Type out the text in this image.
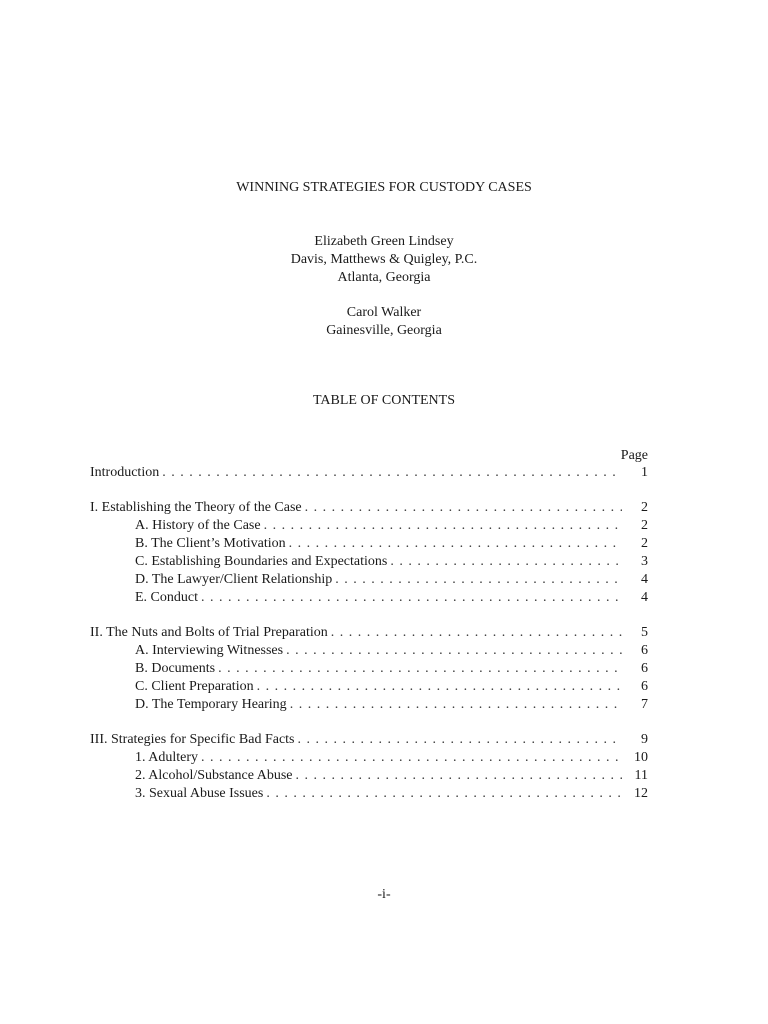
WINNING STRATEGIES FOR CUSTODY CASES
Elizabeth Green Lindsey
Davis, Matthews & Quigley, P.C.
Atlanta, Georgia
Carol Walker
Gainesville, Georgia
TABLE OF CONTENTS
Page
Introduction . . .	1
I. Establishing the Theory of the Case . . .	2
A. History of the Case . . .	2
B. The Client’s Motivation . . .	2
C. Establishing Boundaries and Expectations . . .	3
D. The Lawyer/Client Relationship . . .	4
E. Conduct . . .	4
II. The Nuts and Bolts of Trial Preparation . . .	5
A. Interviewing Witnesses . . .	6
B. Documents . . .	6
C. Client Preparation . . .	6
D. The Temporary Hearing . . .	7
III. Strategies for Specific Bad Facts . . .	9
1. Adultery . . .	10
2. Alcohol/Substance Abuse . . .	11
3. Sexual Abuse Issues . . .	12
-i-
